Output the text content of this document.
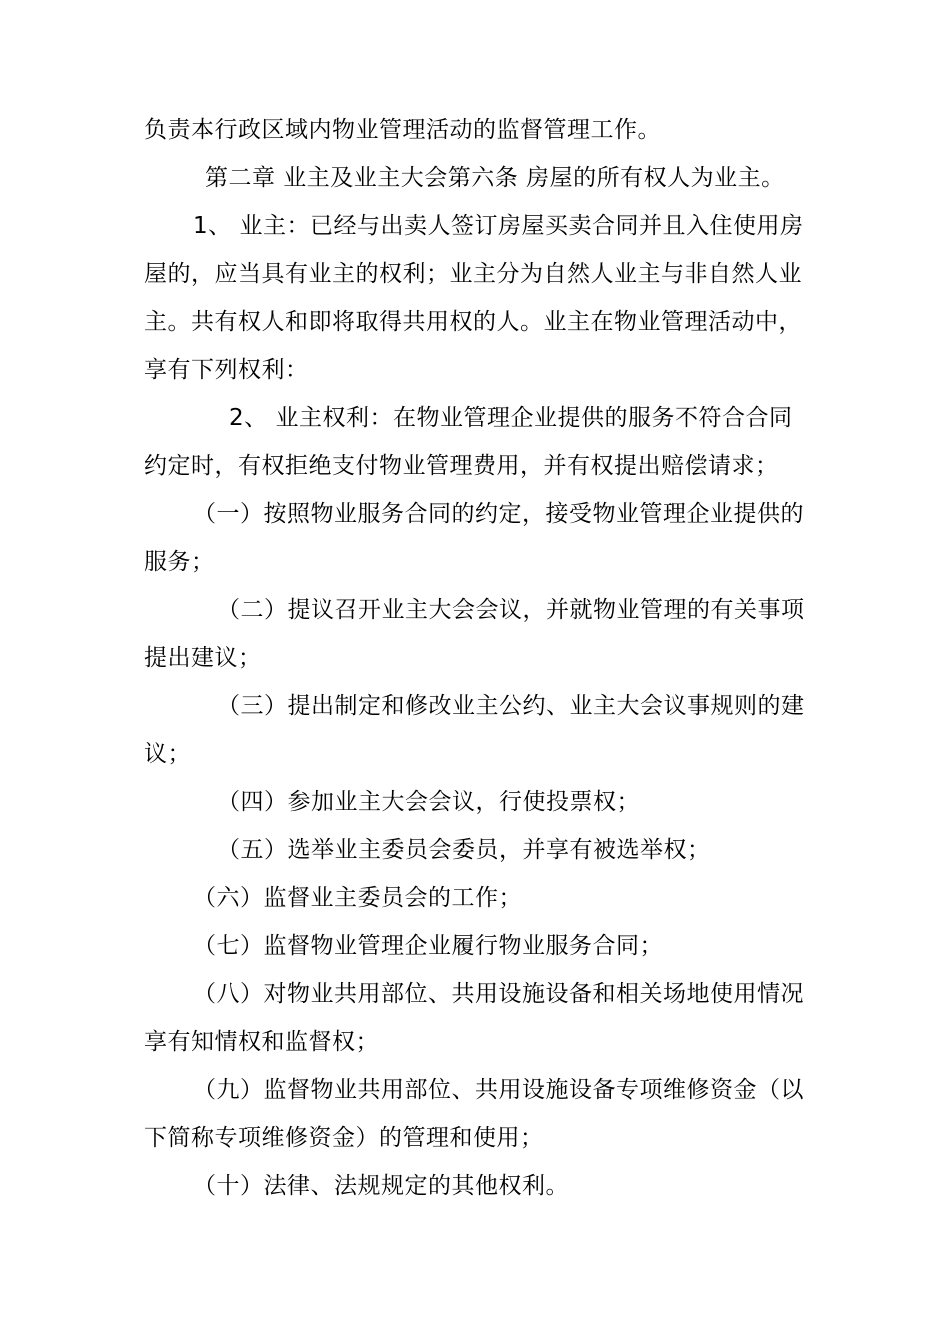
负责本行政区域内物业管理活动的监督管理工作。
第二章 业主及业主大会第六条 房屋的所有权人为业主。
1、 业主：已经与出卖人签订房屋买卖合同并且入住使用房
屋的，应当具有业主的权利；业主分为自然人业主与非自然人业
主。共有权人和即将取得共用权的人。业主在物业管理活动中，
享有下列权利：
2、 业主权利：在物业管理企业提供的服务不符合合同
约定时，有权拒绝支付物业管理费用，并有权提出赔偿请求；
（一）按照物业服务合同的约定，接受物业管理企业提供的
服务；
（二）提议召开业主大会会议，并就物业管理的有关事项
提出建议；
（三）提出制定和修改业主公约、业主大会议事规则的建
议；
（四）参加业主大会会议，行使投票权；
（五）选举业主委员会委员，并享有被选举权；
（六）监督业主委员会的工作；
（七）监督物业管理企业履行物业服务合同；
（八）对物业共用部位、共用设施设备和相关场地使用情况
享有知情权和监督权；
（九）监督物业共用部位、共用设施设备专项维修资金（以
下简称专项维修资金）的管理和使用；
（十）法律、法规规定的其他权利。
